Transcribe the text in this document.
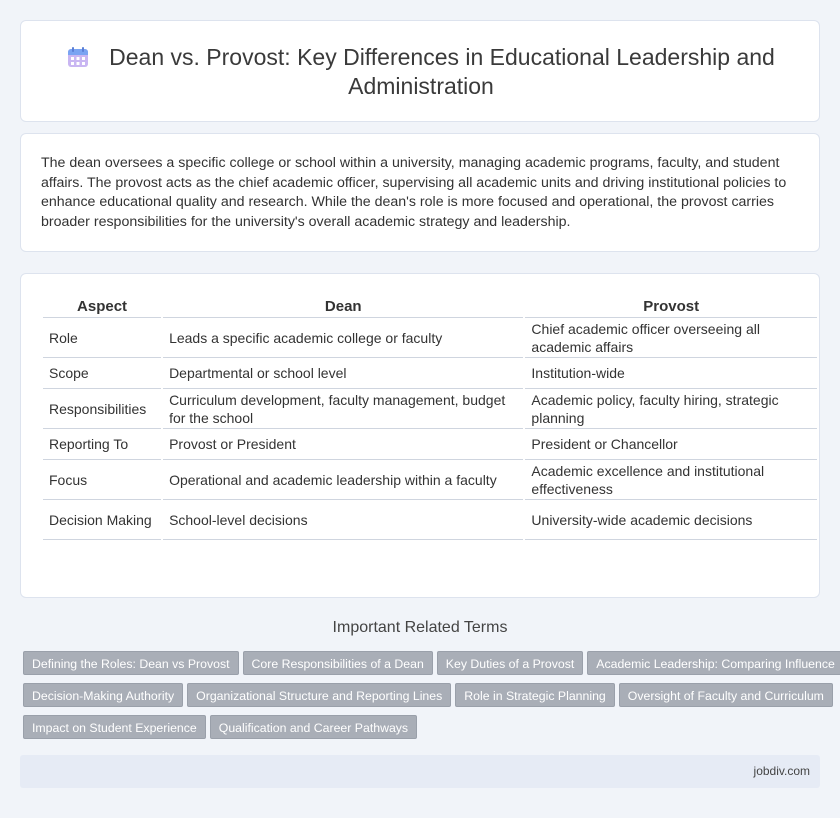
Dean vs. Provost: Key Differences in Educational Leadership and Administration

The dean oversees a specific college or school within a university, managing academic programs, faculty, and student affairs. The provost acts as the chief academic officer, supervising all academic units and driving institutional policies to enhance educational quality and research. While the dean's role is more focused and operational, the provost carries broader responsibilities for the university's overall academic strategy and leadership.

Aspect	Dean	Provost
Role	Leads a specific academic college or faculty	Chief academic officer overseeing all academic affairs
Scope	Departmental or school level	Institution-wide
Responsibilities	Curriculum development, faculty management, budget for the school	Academic policy, faculty hiring, strategic planning
Reporting To	Provost or President	President or Chancellor
Focus	Operational and academic leadership within a faculty	Academic excellence and institutional effectiveness
Decision Making	School-level decisions	University-wide academic decisions
Important Related Terms
Defining the Roles: Dean vs Provost Core Responsibilities of a Dean Key Duties of a Provost Academic Leadership: Comparing Influence
Decision-Making Authority Organizational Structure and Reporting Lines Role in Strategic Planning Oversight of Faculty and Curriculum
Impact on Student Experience Qualification and Career Pathways
jobdiv.com
